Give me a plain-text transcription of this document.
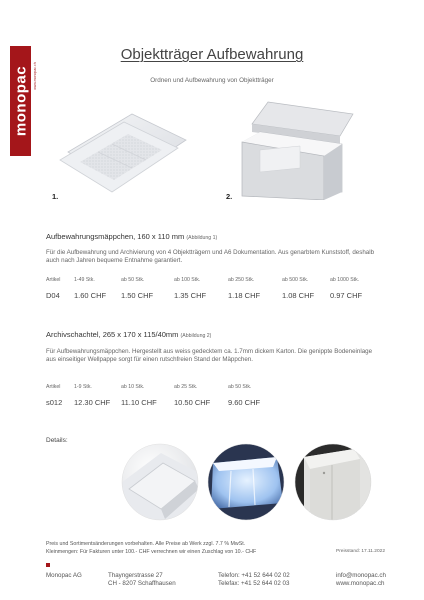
monopac www.monopac.ch
Objektträger Aufbewahrung
Ordnen und Aufbewahrung von Objektträger
1.	2.
Aufbewahrungsmäppchen, 160 x 110 mm (Abbildung 1)
Für die Aufbewahrung und Archivierung von 4 Objektträgern und A6 Dokumentation. Aus genarbtem Kunststoff, deshalb auch nach Jahren bequeme Entnahme garantiert.
Artikel	1-49 Stk.	ab 50 Stk.	ab 100 Stk.	ab 250 Stk.	ab 500 Stk.	ab 1000 Stk.
D04	1.60 CHF	1.50 CHF	1.35 CHF	1.18 CHF	1.08 CHF	0.97 CHF
Archivschachtel, 265 x 170 x 115/40mm (Abbildung 2)
Für Aufbewahrungsmäppchen. Hergestellt aus weiss gedecktem ca. 1.7mm dickem Karton. Die genippte Bodeneinlage aus einseitiger Wellpappe sorgt für einen rutschfreien Stand der Mäppchen.
Artikel	1-9 Stk.	ab 10 Stk.	ab 25 Stk.	ab 50 Stk.
s012	12.30 CHF	11.10 CHF	10.50 CHF	9.60 CHF
Details:
Preis und Sortimentsänderungen vorbehalten. Alle Preise ab Werk zzgl. 7.7 % MwSt.
Kleinmengen: Für Fakturen unter 100.- CHF verrechnen wir einen Zuschlag von 10.- CHF	Preisstand: 17.11.2022
Monopac AG	Thayngerstrasse 27
CH - 8207 Schaffhausen
Telefon: +41 52 644 02 02
Telefax: +41 52 644 02 03
info@monopac.ch
www.monopac.ch
